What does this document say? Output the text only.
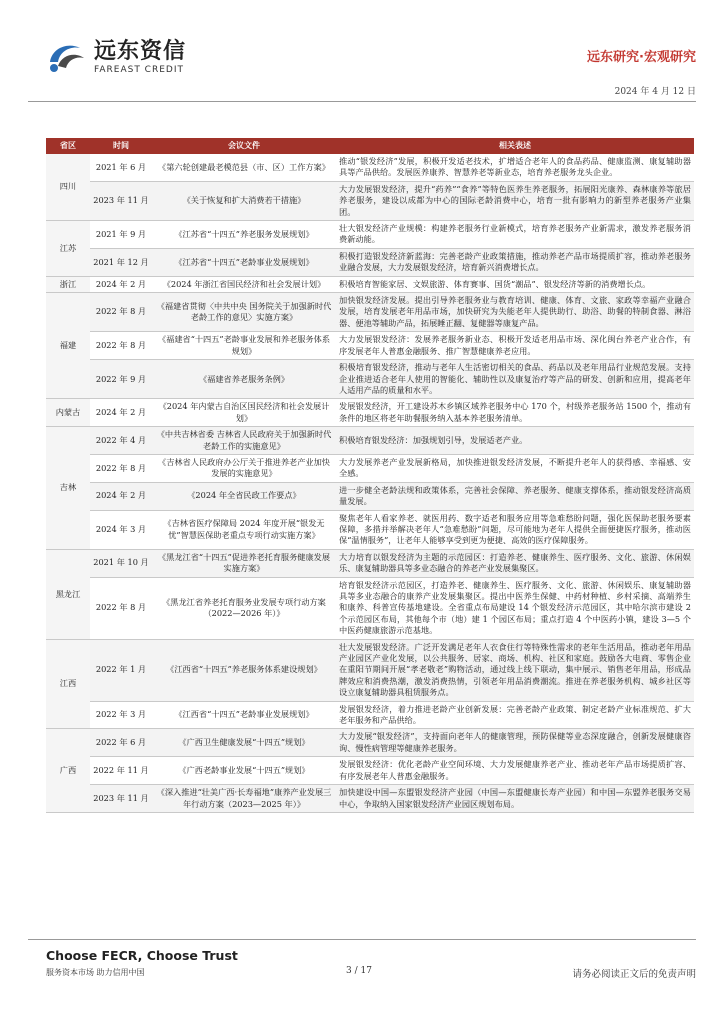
远东资信
FAREAST CREDIT
远东研究·宏观研究
2024 年 4 月 12 日
省区	时间	会议文件	相关表述
四川	2021 年 6 月	《第六轮创建最老模范县（市、区）工作方案》	推动“银发经济”发展，积极开发适老技术，扩增适合老年人的食品药品、健康监测、康复辅助器具等产品供给。发展医养康养、智慧养老等新业态，培育养老服务龙头企业。
	2023 年 11 月	《关于恢复和扩大消费若干措施》	大力发展银发经济，提升“药养”“食养”等特色医养生养老服务，拓展阳光康养、森林康养等旅居养老服务，建设以成都为中心的国际老龄消费中心，培育一批有影响力的新型养老服务产业集团。
江苏	2021 年 9 月	《江苏省“十四五”养老服务发展规划》	壮大银发经济产业规模：构建养老服务行业新模式，培育养老服务产业新需求，激发养老服务消费新动能。
	2021 年 12 月	《江苏省“十四五”老龄事业发展规划》	积极打造银发经济新蓝海：完善老龄产业政策措施，推动养老产品市场提质扩容，推动养老服务业融合发展，大力发展银发经济，培育新兴消费增长点。
浙江	2024 年 2 月	《2024 年浙江省国民经济和社会发展计划》	积极培育智能家居、文娱旅游、体育赛事、国货“潮品”、银发经济等新的消费增长点。
福建	2022 年 8 月	《福建省贯彻〈中共中央 国务院关于加强新时代老龄工作的意见〉实施方案》	加快银发经济发展。提出引导养老服务业与教育培训、健康、体育、文旅、家政等幸福产业融合发展，培育发展老年用品市场，加快研究为失能老年人提供助行、助浴、助餐的特制食器、淋浴器、便池等辅助产品，拓展睡正翻、复健器等康复产品。
	2022 年 8 月	《福建省“十四五”老龄事业发展和养老服务体系规划》	大力发展银发经济：发展养老服务新业态、积极开发适老用品市场、深化闽台养老产业合作，有序发展老年人普惠金融服务、推广智慧健康养老应用。
	2022 年 9 月	《福建省养老服务条例》	积极培育银发经济，推动与老年人生活密切相关的食品、药品以及老年用品行业规范发展。支持企业推进适合老年人使用的智能化、辅助性以及康复治疗等产品的研发、创新和应用，提高老年人适用产品的质量和水平。
内蒙古	2024 年 2 月	《2024 年内蒙古自治区国民经济和社会发展计划》	发展银发经济，开工建设苏木乡镇区域养老服务中心 170 个，村级养老服务站 1500 个，推动有条件的地区将老年助餐服务纳入基本养老服务清单。
吉林	2022 年 4 月	《中共吉林省委 吉林省人民政府关于加强新时代老龄工作的实施意见》	积极培育银发经济：加强规划引导，发展适老产业。
	2022 年 8 月	《吉林省人民政府办公厅关于推进养老产业加快发展的实施意见》	大力发展养老产业发展新格局，加快推进银发经济发展，不断提升老年人的获得感、幸福感、安全感。
	2024 年 2 月	《2024 年全省民政工作要点》	进一步健全老龄法规和政策体系，完善社会保障、养老服务、健康支撑体系，推动银发经济高质量发展。
	2024 年 3 月	《吉林省医疗保障局 2024 年度开展“银发无忧”智慧医保助老重点专项行动实施方案》	聚焦老年人看家养老、就医用药、数字适老和服务应用等急难愁盼问题，强化医保助老服务要素保障，多措并举解决老年人“急难愁盼”问题，尽可能地为老年人提供全面便捷医疗服务，推动医保“温情服务”，让老年人能够享受到更为便捷、高效的医疗保障服务。
黑龙江	2021 年 10 月	《黑龙江省“十四五”促进养老托育服务健康发展实施方案》	大力培育以银发经济为主题的示范园区：打造养老、健康养生、医疗服务、文化、旅游、休闲娱乐、康复辅助器具等多业态融合的养老产业发展集聚区。
	2022 年 8 月	《黑龙江省养老托育服务业发展专项行动方案（2022—2026 年）》	培育银发经济示范园区，打造养老、健康养生、医疗服务、文化、旅游、休闲娱乐、康复辅助器具等多业态融合的康养产业发展集聚区。提出中医养生保健、中药材种植、乡村采摘、高端养生和康养、科普宣传基地建设。全省重点布局建设 14 个银发经济示范园区，其中哈尔滨市建设 2 个示范园区布局，其他每个市（地）建 1 个园区布局；重点打造 4 个中医药小镇，建设 3—5 个中医药健康旅游示范基地。
江西	2022 年 1 月	《江西省“十四五”养老服务体系建设规划》	壮大发展银发经济。广泛开发满足老年人衣食住行等特殊性需求的老年生活用品，推动老年用品产业园区产业化发展，以公共服务、居家、商场、机构、社区和家庭。鼓励各大电商、零售企业在重阳节期间开展“孝老敬老”购物活动，通过线上线下联动，集中展示、销售老年用品，形成品牌效应和消费热潮，激发消费热情，引领老年用品消费潮流。推进在养老服务机构、城乡社区等设立康复辅助器具租赁服务点。
	2022 年 3 月	《江西省“十四五”老龄事业发展规划》	发展银发经济，着力推进老龄产业创新发展：完善老龄产业政策、制定老龄产业标准规范、扩大老年服务和产品供给。
广西	2022 年 6 月	《广西卫生健康发展“十四五”规划》	大力发展“银发经济”，支持面向老年人的健康管理，预防保健等业态深度融合，创新发展健康咨询、慢性病管理等健康养老服务。
	2022 年 11 月	《广西老龄事业发展“十四五”规划》	发展银发经济：优化老龄产业空间环境、大力发展健康养老产业、推动老年产品市场提质扩容、有序发展老年人普惠金融服务。
	2023 年 11 月	《深入推进“壮美广西·长寿福地”康养产业发展三年行动方案（2023—2025 年）》	加快建设中国—东盟银发经济产业园（中国—东盟健康长寿产业园）和中国—东盟养老服务交易中心，争取纳入国家银发经济产业园区规划布局。
Choose FECR, Choose Trust
服务资本市场 助力信用中国	3 / 17	请务必阅读正文后的免责声明
